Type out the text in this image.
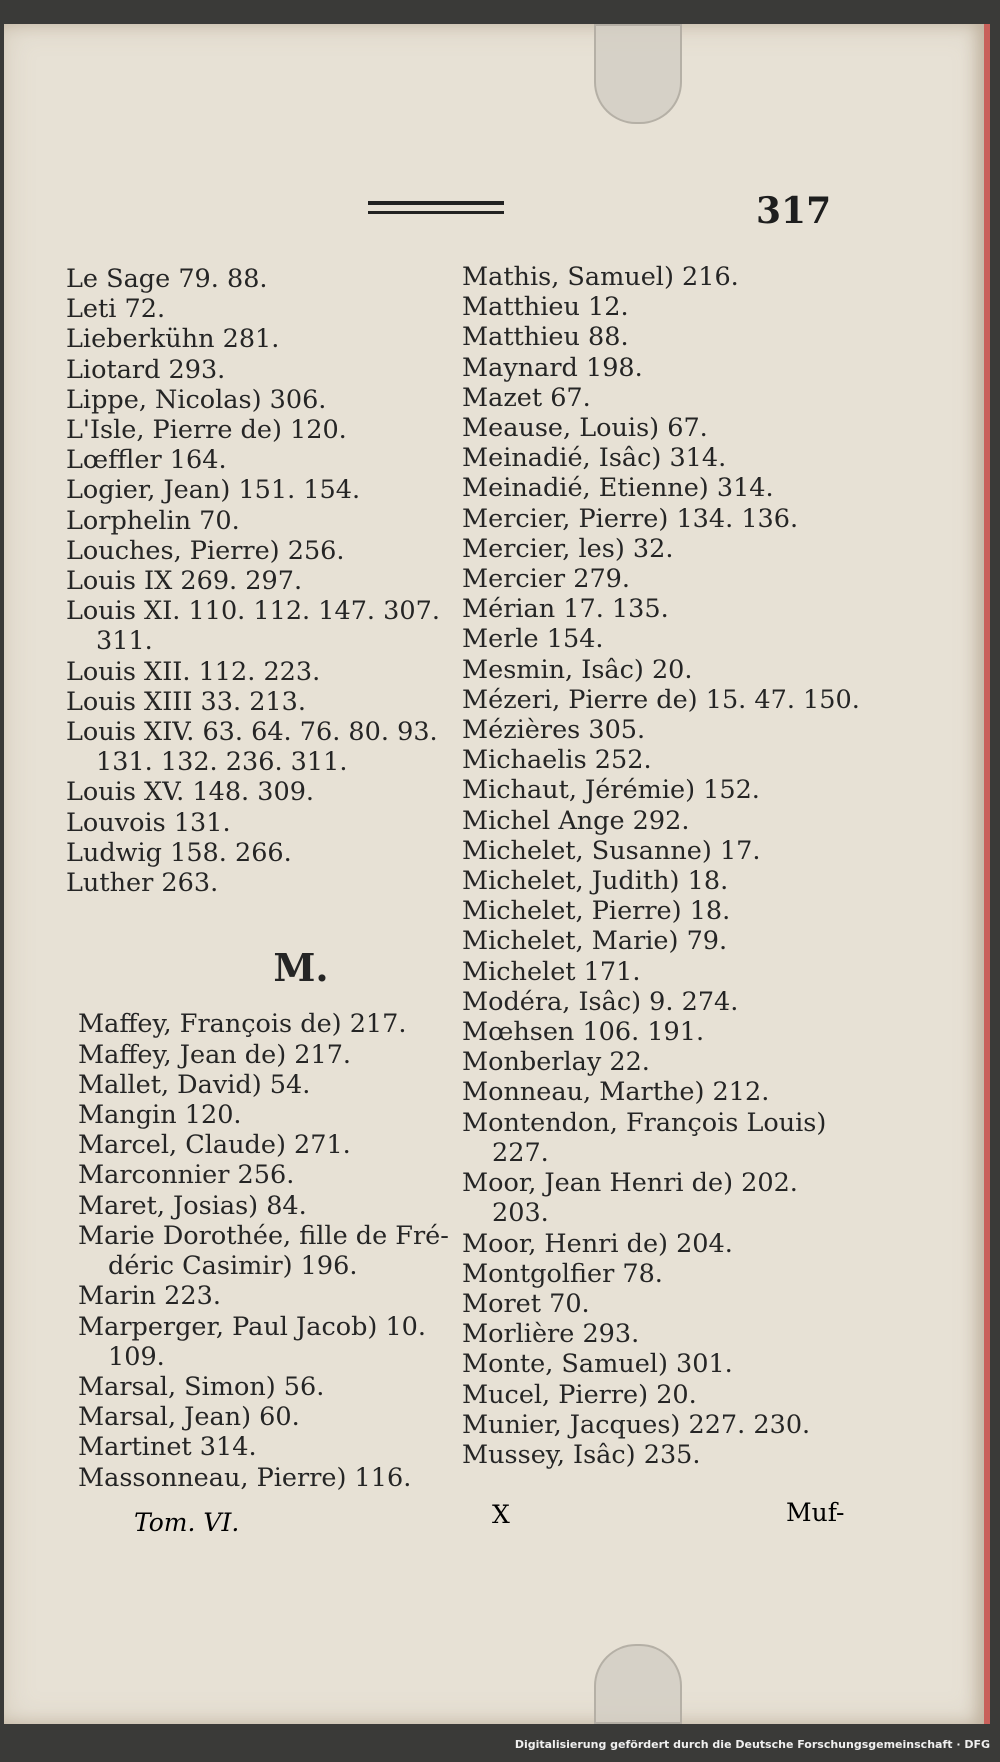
317
Le Sage 79. 88.
Leti 72.
Lieberkühn 281.
Liotard 293.
Lippe, Nicolas) 306.
L'Isle, Pierre de) 120.
Lœffler 164.
Logier, Jean) 151. 154.
Lorphelin 70.
Louches, Pierre) 256.
Louis IX 269. 297.
Louis XI. 110. 112. 147. 307. 311.
Louis XII. 112. 223.
Louis XIII 33. 213.
Louis XIV. 63. 64. 76. 80. 93. 131. 132. 236. 311.
Louis XV. 148. 309.
Louvois 131.
Ludwig 158. 266.
Luther 263.
M.
Maffey, François de) 217.
Maffey, Jean de) 217.
Mallet, David) 54.
Mangin 120.
Marcel, Claude) 271.
Marconnier 256.
Maret, Josias) 84.
Marie Dorothée, fille de Fré-déric Casimir) 196.
Marin 223.
Marperger, Paul Jacob) 10. 109.
Marsal, Simon) 56.
Marsal, Jean) 60.
Martinet 314.
Massonneau, Pierre) 116.
Mathis, Samuel) 216.
Matthieu 12.
Matthieu 88.
Maynard 198.
Mazet 67.
Meause, Louis) 67.
Meinadié, Isâc) 314.
Meinadié, Etienne) 314.
Mercier, Pierre) 134. 136.
Mercier, les) 32.
Mercier 279.
Mérian 17. 135.
Merle 154.
Mesmin, Isâc) 20.
Mézeri, Pierre de) 15. 47. 150.
Mézières 305.
Michaelis 252.
Michaut, Jérémie) 152.
Michel Ange 292.
Michelet, Susanne) 17.
Michelet, Judith) 18.
Michelet, Pierre) 18.
Michelet, Marie) 79.
Michelet 171.
Modéra, Isâc) 9. 274.
Mœhsen 106. 191.
Monberlay 22.
Monneau, Marthe) 212.
Montendon, François Louis) 227.
Moor, Jean Henri de) 202. 203.
Moor, Henri de) 204.
Montgolfier 78.
Moret 70.
Morlière 293.
Monte, Samuel) 301.
Mucel, Pierre) 20.
Munier, Jacques) 227. 230.
Mussey, Isâc) 235.
Tom. VI.	X	Muf-
Digitalisierung gefördert durch die Deutsche Forschungsgemeinschaft · DFG
